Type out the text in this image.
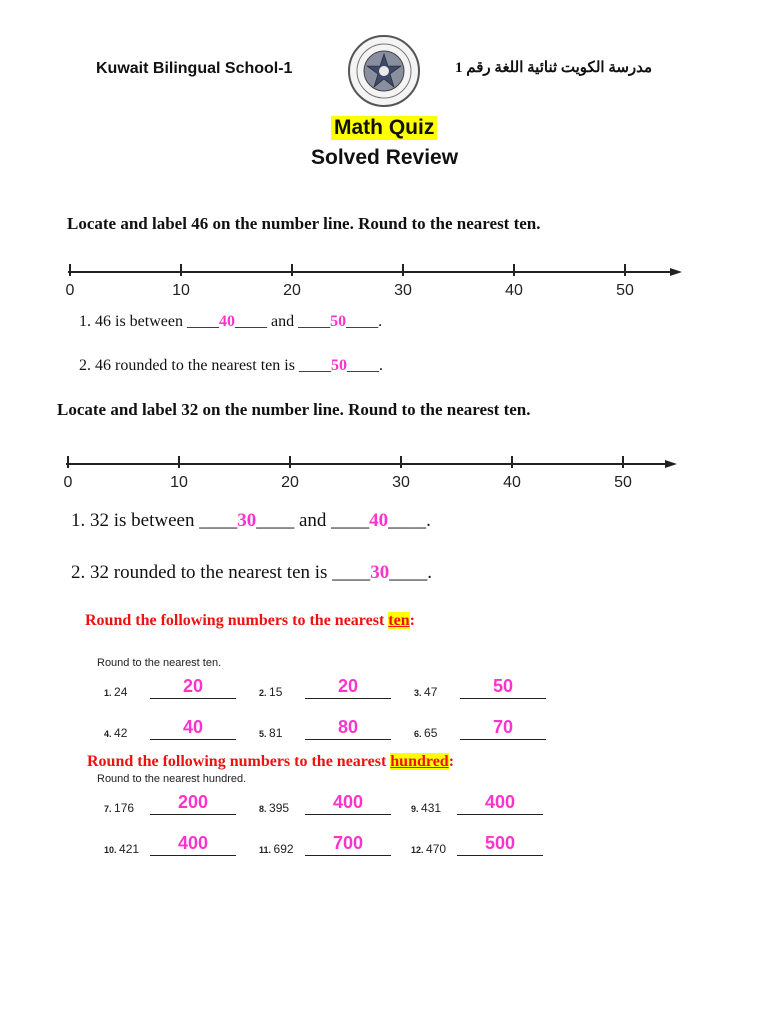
Kuwait Bilingual School-1	مدرسة الكويت ثنائية اللغة رقم 1
Math Quiz
Solved Review
Locate and label 46 on the number line. Round to the nearest ten.
0	10	20	30	40	50
1. 46 is between ____40____ and ____50____.
2. 46 rounded to the nearest ten is ____50____.
Locate and label 32 on the number line. Round to the nearest ten.
0	10	20	30	40	50
1. 32 is between ____30____ and ____40____.
2. 32 rounded to the nearest ten is ____30____.
Round the following numbers to the nearest ten:
Round to the nearest ten.
1. 24	20	2. 15	20	3. 47	50
4. 42	40	5. 81	80	6. 65	70
Round the following numbers to the nearest hundred:
Round to the nearest hundred.
7. 176	200	8. 395	400	9. 431	400
10. 421	400	11. 692	700	12. 470	500
